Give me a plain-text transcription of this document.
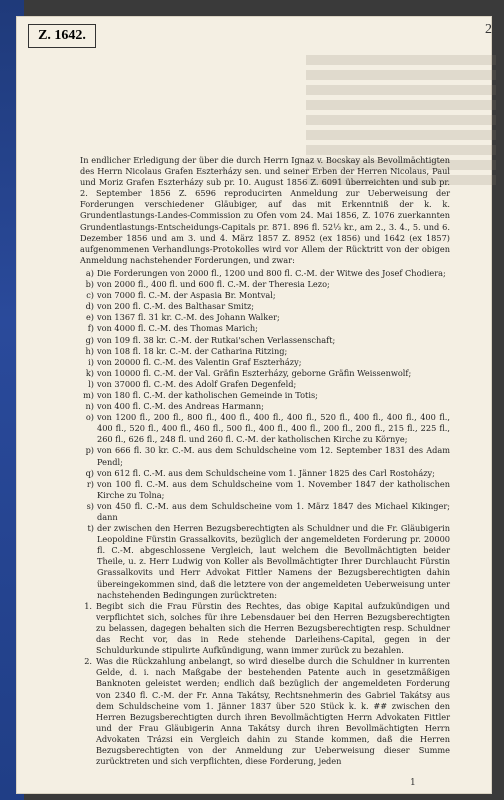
Z. 1642.	2

In endlicher Erledigung der über die durch Herrn Ignaz v. Bocskay als Bevollmächtigten des Herrn Nicolaus Grafen Eszterházy sen. und seiner Erben der Herren Nicolaus, Paul und Moriz Grafen Eszterházy sub pr. 10. August 1856 Z. 6091 überreichten und sub pr. 2. September 1856 Z. 6596 reproducirten Anmeldung zur Ueberweisung der Forderungen verschiedener Gläubiger, auf das mit Erkenntniß der k. k. Grundentlastungs-Landes-Commission zu Ofen vom 24. Mai 1856, Z. 1076 zuerkannten Grundentlastungs-Entscheidungs-Capitals pr. 871. 896 fl. 52⅓ kr., am 2., 3. 4., 5. und 6. Dezember 1856 und am 3. und 4. März 1857 Z. 8952 (ex 1856) und 1642 (ex 1857) aufgenommenen Verhandlungs-Protokolles wird vor Allem der Rücktritt von der obigen Anmeldung nachstehender Forderungen, und zwar:

a) Die Forderungen von 2000 fl., 1200 und 800 fl. C.-M. der Witwe des Josef Chodiera;
b) von 2000 fl., 400 fl. und 600 fl. C.-M. der Theresia Lezo;
c) von 7000 fl. C.-M. der Aspasia Br. Montval;
d) von 200 fl. C.-M. des Balthasar Smitz;
e) von 1367 fl. 31 kr. C.-M. des Johann Walker;
f) von 4000 fl. C.-M. des Thomas Marich;
g) von 109 fl. 38 kr. C.-M. der Rutkai'schen Verlassenschaft;
h) von 108 fl. 18 kr. C.-M. der Catharina Ritzing;
i) von 20000 fl. C.-M. des Valentin Graf Eszterházy;
k) von 10000 fl. C.-M. der Val. Gräfin Eszterházy, geborne Gräfin Weissenwolf;
l) von 37000 fl. C.-M. des Adolf Grafen Degenfeld;
m) von 180 fl. C.-M. der katholischen Gemeinde in Totis;
n) von 400 fl. C.-M. des Andreas Harmann;
o) von 1200 fl., 200 fl., 800 fl., 400 fl., 400 fl., 400 fl., 520 fl., 400 fl., 400 fl., 400 fl., 400 fl., 520 fl., 400 fl., 460 fl., 500 fl., 400 fl., 400 fl., 200 fl., 200 fl., 215 fl., 225 fl., 260 fl., 626 fl., 248 fl. und 260 fl. C.-M. der katholischen Kirche zu Környe;
p) von 666 fl. 30 kr. C.-M. aus dem Schuldscheine vom 12. September 1831 des Adam Pendl;
q) von 612 fl. C.-M. aus dem Schuldscheine vom 1. Jänner 1825 des Carl Rostoházy;
r) von 100 fl. C.-M. aus dem Schuldscheine vom 1. November 1847 der katholischen Kirche zu Tolna;
s) von 450 fl. C.-M. aus dem Schuldscheine vom 1. März 1847 des Michael Kikinger; dann
t) der zwischen den Herren Bezugsberechtigten als Schuldner und die Fr. Gläubigerin Leopoldine Fürstin Grassalkovits, bezüglich der angemeldeten Forderung pr. 20000 fl. C.-M. abgeschlossene Vergleich, laut welchem die Bevollmächtigten beider Theile, u. z. Herr Ludwig von Koller als Bevollmächtigter Ihrer Durchlaucht Fürstin Grassalkovits und Herr Advokat Fittler Namens der Bezugsberechtigten dahin übereingekommen sind, daß die letztere von der angemeldeten Ueberweisung unter nachstehenden Bedingungen zurücktreten:
1. Begibt sich die Frau Fürstin des Rechtes, das obige Kapital aufzukündigen und verpflichtet sich, solches für ihre Lebensdauer bei den Herren Bezugsberechtigten zu belassen, dagegen behalten sich die Herren Bezugsberechtigten resp. Schuldner das Recht vor, das in Rede stehende Darleihens-Capital, gegen in der Schuldurkunde stipulirte Aufkündigung, wann immer zurück zu bezahlen.
2. Was die Rückzahlung anbelangt, so wird dieselbe durch die Schuldner in kurrenten Gelde, d. i. nach Maßgabe der bestehenden Patente auch in gesetzmäßigen Banknoten geleistet werden; endlich daß bezüglich der angemeldeten Forderung von 2340 fl. C.-M. der Fr. Anna Takátsy, Rechtsnehmerin des Gabriel Takátsy aus dem Schuldscheine vom 1. Jänner 1837 über 520 Stück k. k. ## zwischen den Herren Bezugsberechtigten durch ihren Bevollmächtigten Herrn Advokaten Fittler und der Frau Gläubigerin Anna Takátsy durch ihren Bevollmächtigten Herrn Advokaten Trázsi ein Vergleich dahin zu Stande kommen, daß die Herren Bezugsberechtigten von der Anmeldung zur Ueberweisung dieser Summe zurücktreten und sich verpflichten, diese Forderung, jeden
1
